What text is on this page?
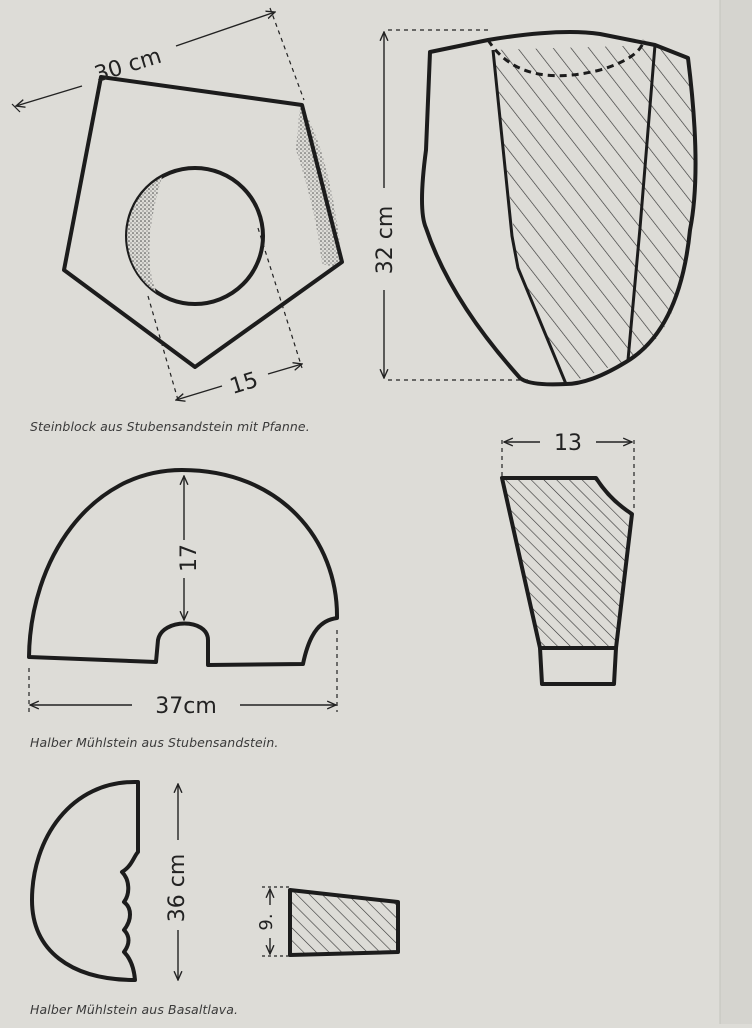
30 cm
15
17
37cm
36 cm	9.
32 cm
13
Steinblock aus Stubensandstein mit Pfanne.
Halber Mühlstein aus Stubensandstein.
Halber Mühlstein aus Basaltlava.
